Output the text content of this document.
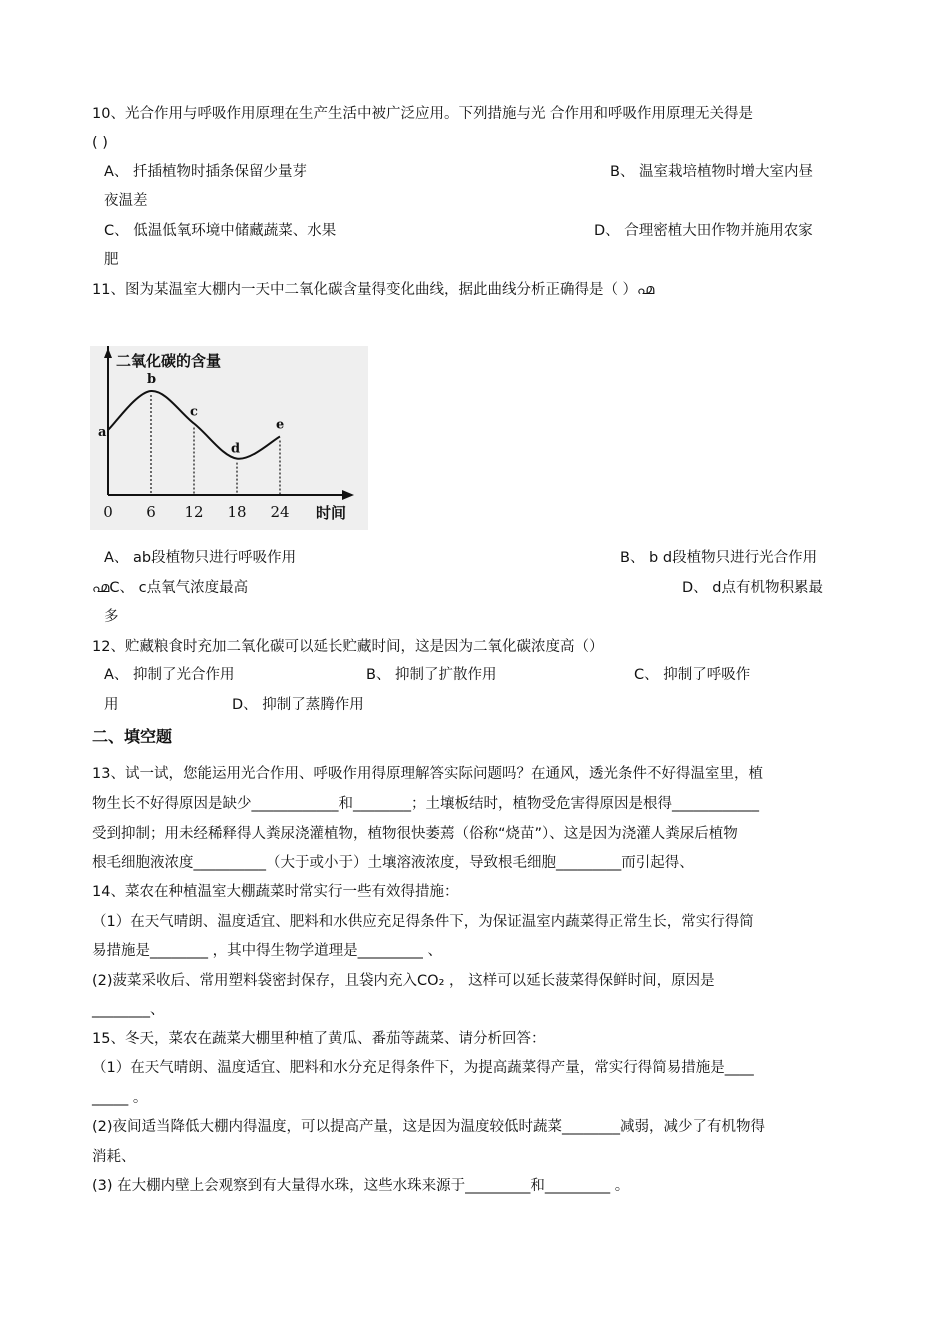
10、光合作用与呼吸作用原理在生产生活中被广泛应用。下列措施与光 合作用和呼吸作用原理无关得是
( )
A、 扦插植物时插条保留少量芽	B、 温室栽培植物时增大室内昼
夜温差
C、 低温低氧环境中储藏蔬菜、水果	D、 合理密植大田作物并施用农家
肥
11、图为某温室大棚内一天中二氧化碳含量得变化曲线，据此曲线分析正确得是（ ）൶
二氧化碳的含量
时间
0 6 12 18 24
a
b
c
d
e
A、 ab段植物只进行呼吸作用	B、 b d段植物只进行光合作用
൶C、 c点氧气浓度最高	D、 d点有机物积累最
多
12、贮藏粮食时充加二氧化碳可以延长贮藏时间，这是因为二氧化碳浓度高（）
A、 抑制了光合作用	B、 抑制了扩散作用	C、 抑制了呼吸作
用	D、 抑制了蒸腾作用
二、填空题
13、试一试，您能运用光合作用、呼吸作用得原理解答实际问题吗？在通风，透光条件不好得温室里，植
物生长不好得原因是缺少____________和________；土壤板结时，植物受危害得原因是根得____________
受到抑制；用未经稀释得人粪尿浇灌植物，植物很快萎蔫（俗称“烧苗”）、这是因为浇灌人粪尿后植物
根毛细胞液浓度__________（大于或小于）土壤溶液浓度，导致根毛细胞_________而引起得、
14、菜农在种植温室大棚蔬菜时常实行一些有效得措施：
（1）在天气晴朗、温度适宜、肥料和水供应充足得条件下，为保证温室内蔬菜得正常生长，常实行得简
易措施是________ ，其中得生物学道理是_________ 、
(2)菠菜采收后、常用塑料袋密封保存，且袋内充入CO₂ ， 这样可以延长菠菜得保鲜时间，原因是
________、
15、冬天，菜农在蔬菜大棚里种植了黄瓜、番茄等蔬菜、请分析回答：
（1）在天气晴朗、温度适宜、肥料和水分充足得条件下，为提高蔬菜得产量，常实行得简易措施是____
_____ 。
(2)夜间适当降低大棚内得温度，可以提高产量，这是因为温度较低时蔬菜________减弱，减少了有机物得
消耗、
(3) 在大棚内壁上会观察到有大量得水珠，这些水珠来源于_________和_________ 。
